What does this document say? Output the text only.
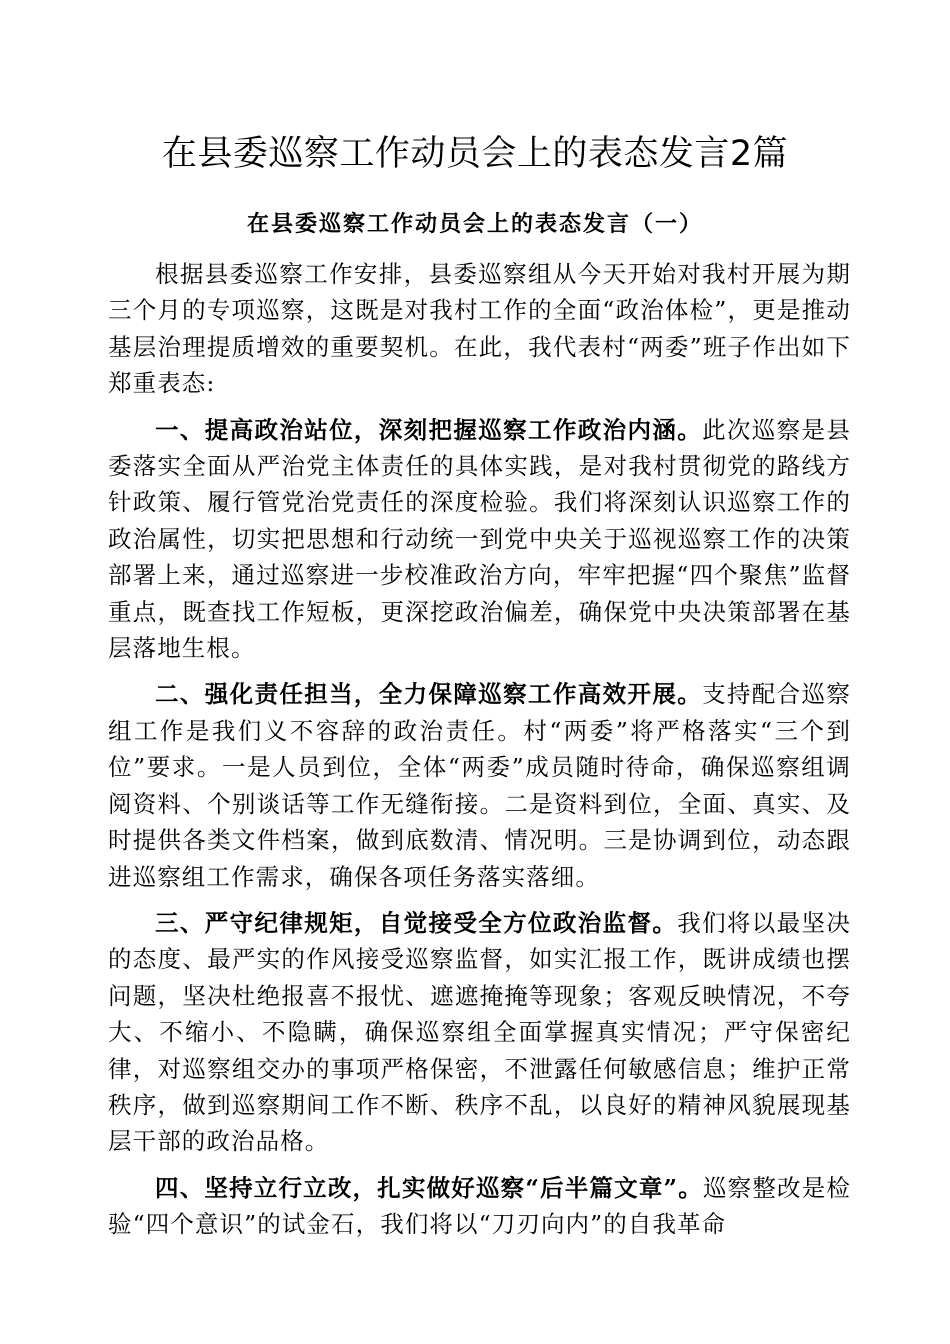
在县委巡察工作动员会上的表态发言2篇
在县委巡察工作动员会上的表态发言（一）

根据县委巡察工作安排，县委巡察组从今天开始对我村开展为期三个月的专项巡察，这既是对我村工作的全面“政治体检”，更是推动基层治理提质增效的重要契机。在此，我代表村“两委”班子作出如下郑重表态:

一、提高政治站位，深刻把握巡察工作政治内涵。此次巡察是县委落实全面从严治党主体责任的具体实践，是对我村贯彻党的路线方针政策、履行管党治党责任的深度检验。我们将深刻认识巡察工作的政治属性，切实把思想和行动统一到党中央关于巡视巡察工作的决策部署上来，通过巡察进一步校准政治方向，牢牢把握“四个聚焦”监督重点，既查找工作短板，更深挖政治偏差，确保党中央决策部署在基层落地生根。

二、强化责任担当，全力保障巡察工作高效开展。支持配合巡察组工作是我们义不容辞的政治责任。村“两委”将严格落实“三个到位”要求。一是人员到位，全体“两委”成员随时待命，确保巡察组调阅资料、个别谈话等工作无缝衔接。二是资料到位，全面、真实、及时提供各类文件档案，做到底数清、情况明。三是协调到位，动态跟进巡察组工作需求，确保各项任务落实落细。

三、严守纪律规矩，自觉接受全方位政治监督。我们将以最坚决的态度、最严实的作风接受巡察监督，如实汇报工作，既讲成绩也摆问题，坚决杜绝报喜不报忧、遮遮掩掩等现象；客观反映情况，不夸大、不缩小、不隐瞒，确保巡察组全面掌握真实情况；严守保密纪律，对巡察组交办的事项严格保密，不泄露任何敏感信息；维护正常秩序，做到巡察期间工作不断、秩序不乱，以良好的精神风貌展现基层干部的政治品格。

四、坚持立行立改，扎实做好巡察“后半篇文章”。巡察整改是检验“四个意识”的试金石，我们将以“刀刃向内”的自我革命
